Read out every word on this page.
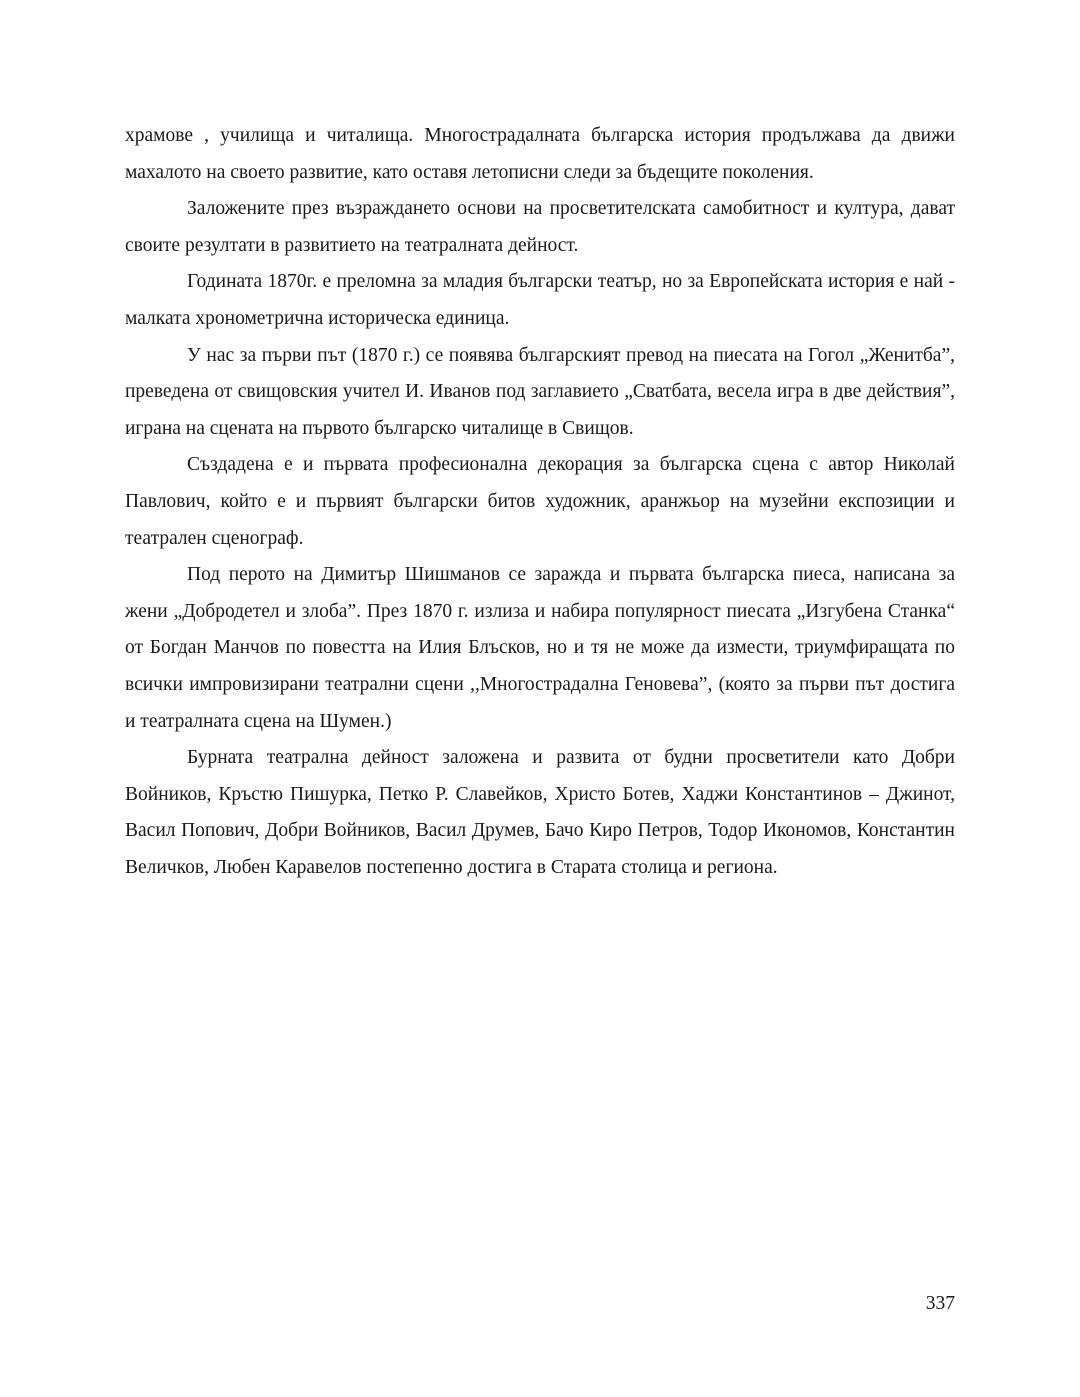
храмове , училища и читалища. Многострадалната българска история продължава да движи махалото на своето развитие, като оставя летописни следи за бъдещите поколения.

Заложените през възраждането основи на просветителската самобитност и култура, дават своите резултати в развитието на театралната дейност.

Годината 1870г. е преломна за младия български театър, но за Европейската история е най - малката хронометрична историческа единица.

У нас за първи път (1870 г.) се появява българският превод на пиесата на Гогол „Женитба”, преведена от свищовския учител И. Иванов под заглавието „Сватбата, весела игра в две действия”, играна на сцената на първото българско читалище в Свищов.

Създадена е и първата професионална декорация за българска сцена с автор Николай Павлович, който е и първият български битов художник, аранжьор на музейни експозиции и театрален сценограф.

Под перото на Димитър Шишманов се заражда и първата българска пиеса, написана за жени „Добродетел и злоба”. През 1870 г. излиза и набира популярност пиесата „Изгубена Станка“ от Богдан Манчов по повестта на Илия Блъсков, но и тя не може да измести, триумфиращата по всички импровизирани театрални сцени ,,Многострадална Геновева”, (която за първи път достига и театралната сцена на Шумен.)

Бурната театрална дейност заложена и развита от будни просветители като Добри Войников, Кръстю Пишурка, Петко Р. Славейков, Христо Ботев, Хаджи Константинов – Джинот, Васил Попович, Добри Войников, Васил Друмев, Бачо Киро Петров, Тодор Икономов, Константин Величков, Любен Каравелов постепенно достига в Старата столица и региона.

337
